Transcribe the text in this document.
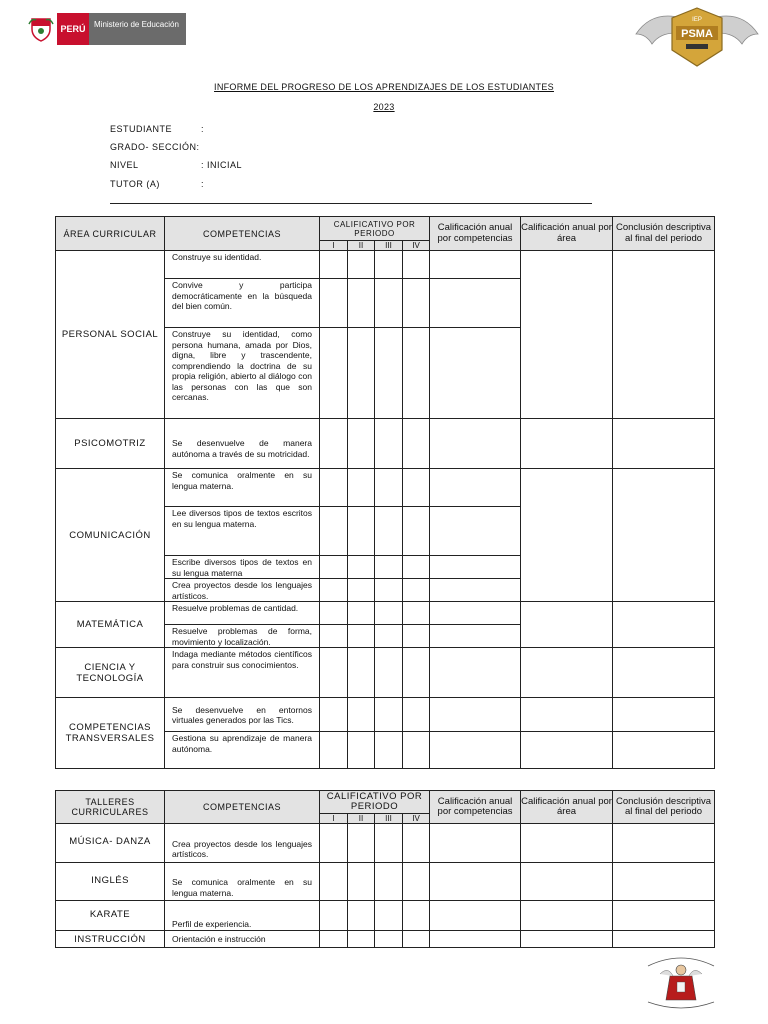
PERÚ	Ministerio de Educación
PSMA
IEP
INFORME DEL PROGRESO DE LOS APRENDIZAJES DE LOS ESTUDIANTES
2023
ESTUDIANTE	:
GRADO- SECCIÓN:
NIVEL	: INICIAL
TUTOR (A)	:
ÁREA CURRICULAR	COMPETENCIAS	CALIFICATIVO POR PERIODO				Calificación anual por competencias	Calificación anual por área	Conclusión descriptiva al final del periodo
		I	II	III	IV			
PERSONAL SOCIAL	Construye su identidad.							
	Convive y participa democráticamente en la búsqueda del bien común.							
	Construye su identidad, como persona humana, amada por Dios, digna, libre y trascendente, comprendiendo la doctrina de su propia religión, abierto al diálogo con las personas con las que son cercanas.							
PSICOMOTRIZ	Se desenvuelve de manera autónoma a través de su motricidad.							
COMUNICACIÓN	Se comunica oralmente en su lengua materna.							
	Lee diversos tipos de textos escritos en su lengua materna.							
	Escribe diversos tipos de textos en su lengua materna							
	Crea proyectos desde los lenguajes artísticos.							
MATEMÁTICA	Resuelve problemas de cantidad.							
	Resuelve problemas de forma, movimiento y localización.							
CIENCIA Y TECNOLOGÍA	Indaga mediante métodos científicos para construir sus conocimientos.							
COMPETENCIAS TRANSVERSALES	Se desenvuelve en entornos virtuales generados por las Tics.							
	Gestiona su aprendizaje de manera autónoma.							
TALLERES CURRICULARES	COMPETENCIAS	CALIFICATIVO POR PERIODO				Calificación anual por competencias	Calificación anual por área	Conclusión descriptiva al final del periodo
		I	II	III	IV			
MÚSICA- DANZA	Crea proyectos desde los lenguajes artísticos.							
INGLÉS	Se comunica oralmente en su lengua materna.							
KARATE	Perfil de experiencia.							
INSTRUCCIÓN	Orientación e instrucción							
